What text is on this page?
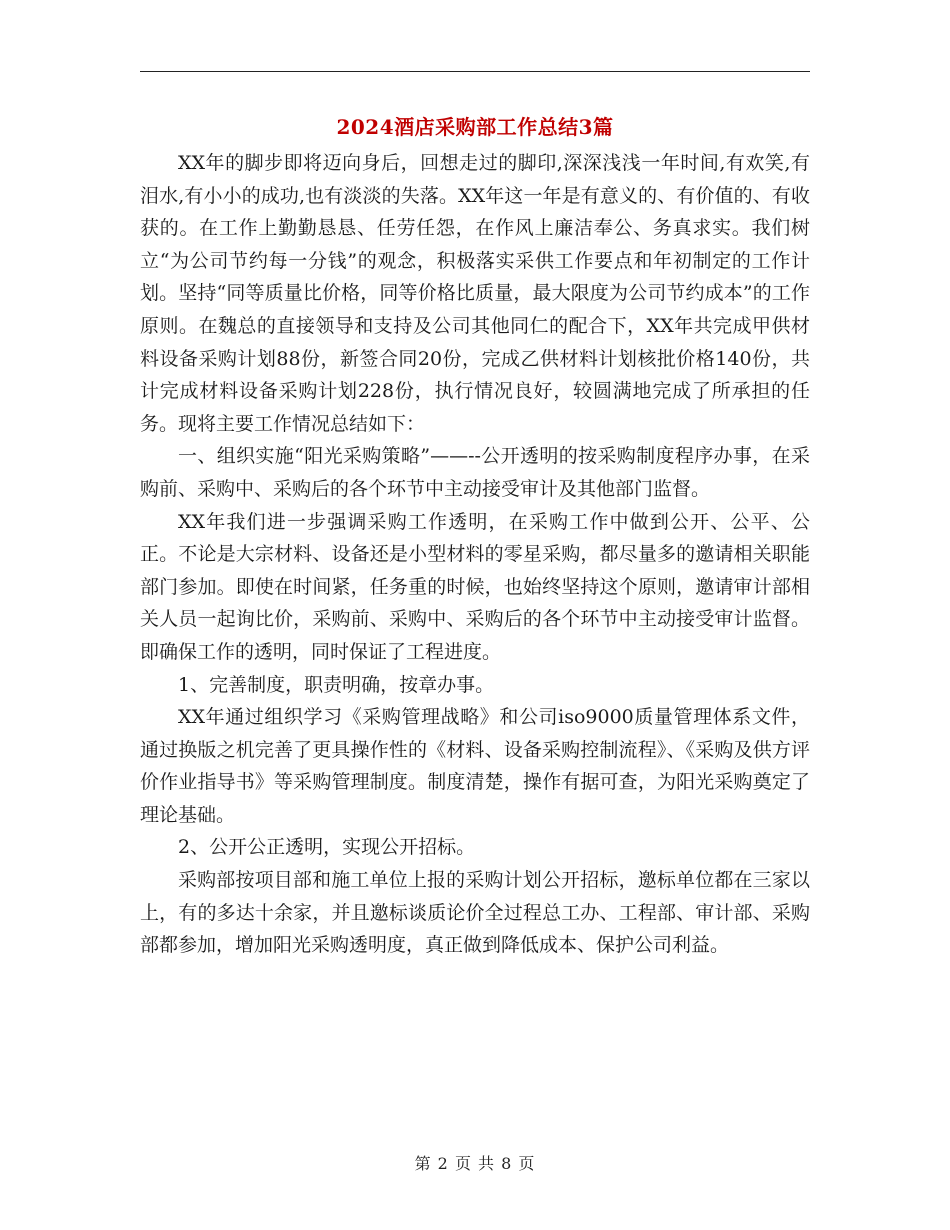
2024酒店采购部工作总结3篇

XX年的脚步即将迈向身后，回想走过的脚印,深深浅浅一年时间,有欢笑,有泪水,有小小的成功,也有淡淡的失落。XX年这一年是有意义的、有价值的、有收获的。在工作上勤勤恳恳、任劳任怨，在作风上廉洁奉公、务真求实。我们树立“为公司节约每一分钱”的观念，积极落实采供工作要点和年初制定的工作计划。坚持“同等质量比价格，同等价格比质量，最大限度为公司节约成本”的工作原则。在魏总的直接领导和支持及公司其他同仁的配合下，XX年共完成甲供材料设备采购计划88份，新签合同20份，完成乙供材料计划核批价格140份，共计完成材料设备采购计划228份，执行情况良好，较圆满地完成了所承担的任务。现将主要工作情况总结如下：

一、组织实施“阳光采购策略”——--公开透明的按采购制度程序办事，在采购前、采购中、采购后的各个环节中主动接受审计及其他部门监督。

XX年我们进一步强调采购工作透明，在采购工作中做到公开、公平、公正。不论是大宗材料、设备还是小型材料的零星采购，都尽量多的邀请相关职能部门参加。即使在时间紧，任务重的时候，也始终坚持这个原则，邀请审计部相关人员一起询比价，采购前、采购中、采购后的各个环节中主动接受审计监督。即确保工作的透明，同时保证了工程进度。

1、完善制度，职责明确，按章办事。

XX年通过组织学习《采购管理战略》和公司iso9000质量管理体系文件，通过换版之机完善了更具操作性的《材料、设备采购控制流程》、《采购及供方评价作业指导书》等采购管理制度。制度清楚，操作有据可查，为阳光采购奠定了理论基础。

2、公开公正透明，实现公开招标。

采购部按项目部和施工单位上报的采购计划公开招标，邀标单位都在三家以上，有的多达十余家，并且邀标谈质论价全过程总工办、工程部、审计部、采购部都参加，增加阳光采购透明度，真正做到降低成本、保护公司利益。

第 2 页 共 8 页
